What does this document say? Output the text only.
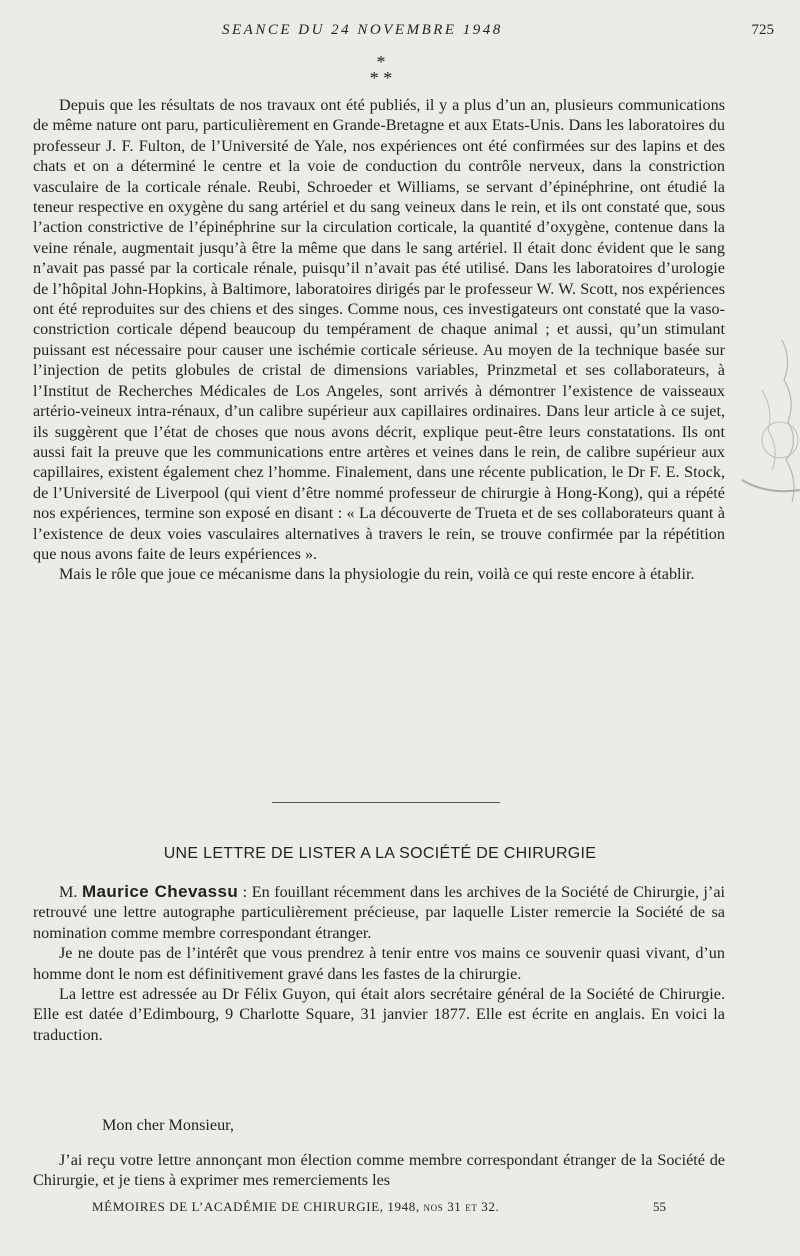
SEANCE DU 24 NOVEMBRE 1948	725
*
* *

Depuis que les résultats de nos travaux ont été publiés, il y a plus d’un an, plusieurs communications de même nature ont paru, particulièrement en Grande-Bretagne et aux Etats-Unis. Dans les laboratoires du professeur J. F. Fulton, de l’Université de Yale, nos expériences ont été confirmées sur des lapins et des chats et on a déterminé le centre et la voie de conduction du contrôle nerveux, dans la constriction vasculaire de la corticale rénale. Reubi, Schroeder et Williams, se servant d’épinéphrine, ont étudié la teneur respective en oxygène du sang artériel et du sang veineux dans le rein, et ils ont constaté que, sous l’action constrictive de l’épinéphrine sur la circulation corticale, la quantité d’oxygène, contenue dans la veine rénale, augmentait jusqu’à être la même que dans le sang artériel. Il était donc évident que le sang n’avait pas passé par la corticale rénale, puisqu’il n’avait pas été utilisé. Dans les laboratoires d’urologie de l’hôpital John-Hopkins, à Baltimore, laboratoires dirigés par le professeur W. W. Scott, nos expériences ont été reproduites sur des chiens et des singes. Comme nous, ces investigateurs ont constaté que la vaso-constriction corticale dépend beaucoup du tempérament de chaque animal ; et aussi, qu’un stimulant puissant est nécessaire pour causer une ischémie corticale sérieuse. Au moyen de la technique basée sur l’injection de petits globules de cristal de dimensions variables, Prinzmetal et ses collaborateurs, à l’Institut de Recherches Médicales de Los Angeles, sont arrivés à démontrer l’existence de vaisseaux artério-veineux intra-rénaux, d’un calibre supérieur aux capillaires ordinaires. Dans leur article à ce sujet, ils suggèrent que l’état de choses que nous avons décrit, explique peut-être leurs constatations. Ils ont aussi fait la preuve que les communications entre artères et veines dans le rein, de calibre supérieur aux capillaires, existent également chez l’homme. Finalement, dans une récente publication, le Dr F. E. Stock, de l’Université de Liverpool (qui vient d’être nommé professeur de chirurgie à Hong-Kong), qui a répété nos expériences, termine son exposé en disant : « La découverte de Trueta et de ses collaborateurs quant à l’existence de deux voies vasculaires alternatives à travers le rein, se trouve confirmée par la répétition que nous avons faite de leurs expériences ».

Mais le rôle que joue ce mécanisme dans la physiologie du rein, voilà ce qui reste encore à établir.

UNE LETTRE DE LISTER A LA SOCIÉTÉ DE CHIRURGIE

M. Maurice Chevassu : En fouillant récemment dans les archives de la Société de Chirurgie, j’ai retrouvé une lettre autographe particulièrement précieuse, par laquelle Lister remercie la Société de sa nomination comme membre correspondant étranger.

Je ne doute pas de l’intérêt que vous prendrez à tenir entre vos mains ce souvenir quasi vivant, d’un homme dont le nom est définitivement gravé dans les fastes de la chirurgie.

La lettre est adressée au Dr Félix Guyon, qui était alors secrétaire général de la Société de Chirurgie. Elle est datée d’Edimbourg, 9 Charlotte Square, 31 janvier 1877. Elle est écrite en anglais. En voici la traduction.

Mon cher Monsieur,

J’ai reçu votre lettre annonçant mon élection comme membre correspondant étranger de la Société de Chirurgie, et je tiens à exprimer mes remerciements les

MÉMOIRES DE L’ACADÉMIE DE CHIRURGIE, 1948, nos 31 et 32.	55
